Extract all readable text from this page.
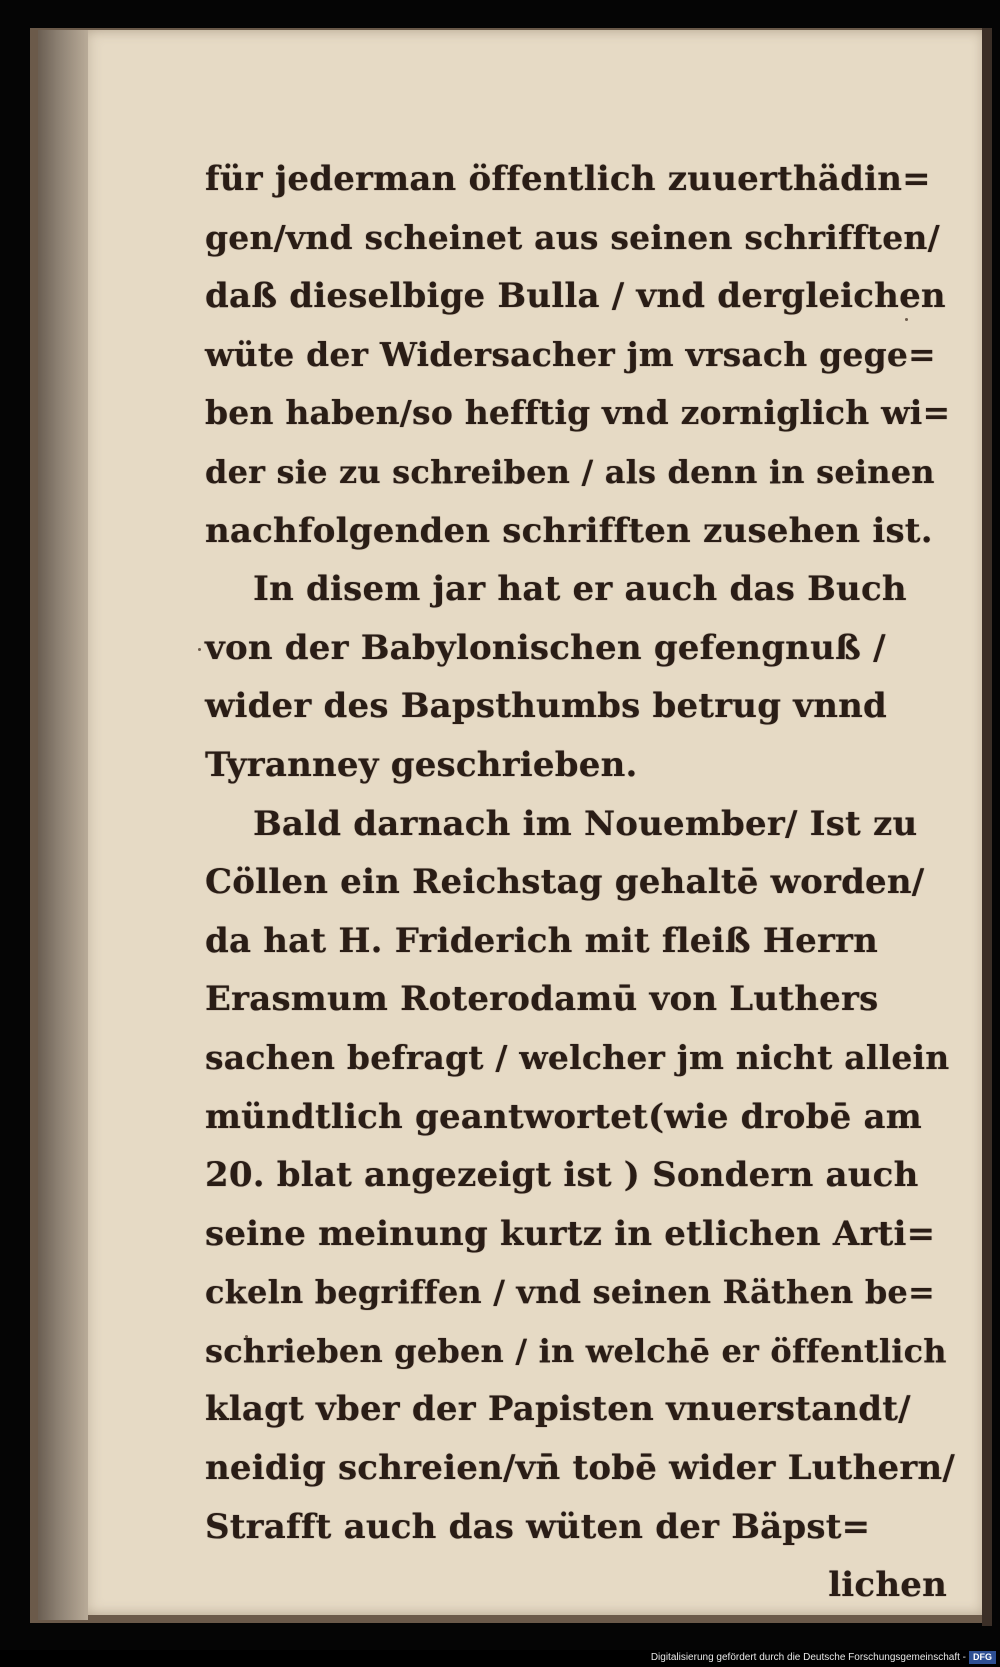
für jederman öffentlich zuuerthädin=
gen/vnd scheinet aus seinen schrifften/
daß dieselbige Bulla / vnd dergleichen
wüte der Widersacher jm vrsach gege=
ben haben/so hefftig vnd zorniglich wi=
der sie zu schreiben / als denn in seinen
nachfolgenden schrifften zusehen ist.
In disem jar hat er auch das Buch
von der Babylonischen gefengnuß /
wider des Bapsthumbs betrug vnnd
Tyranney geschrieben.
Bald darnach im Nouember/ Ist zu
Cöllen ein Reichstag gehaltē worden/
da hat H. Friderich mit fleiß Herrn
Erasmum Roterodamū von Luthers
sachen befragt / welcher jm nicht allein
mündtlich geantwortet(wie drobē am
20. blat angezeigt ist ) Sondern auch
seine meinung kurtz in etlichen Arti=
ckeln begriffen / vnd seinen Räthen be=
schrieben geben / in welchē er öffentlich
klagt vber der Papisten vnuerstandt/
neidig schreien/vn̄ tobē wider Luthern/
Strafft auch das wüten der Bäpst=
lichen
Digitalisierung gefördert durch die Deutsche Forschungsgemeinschaft - DFG
